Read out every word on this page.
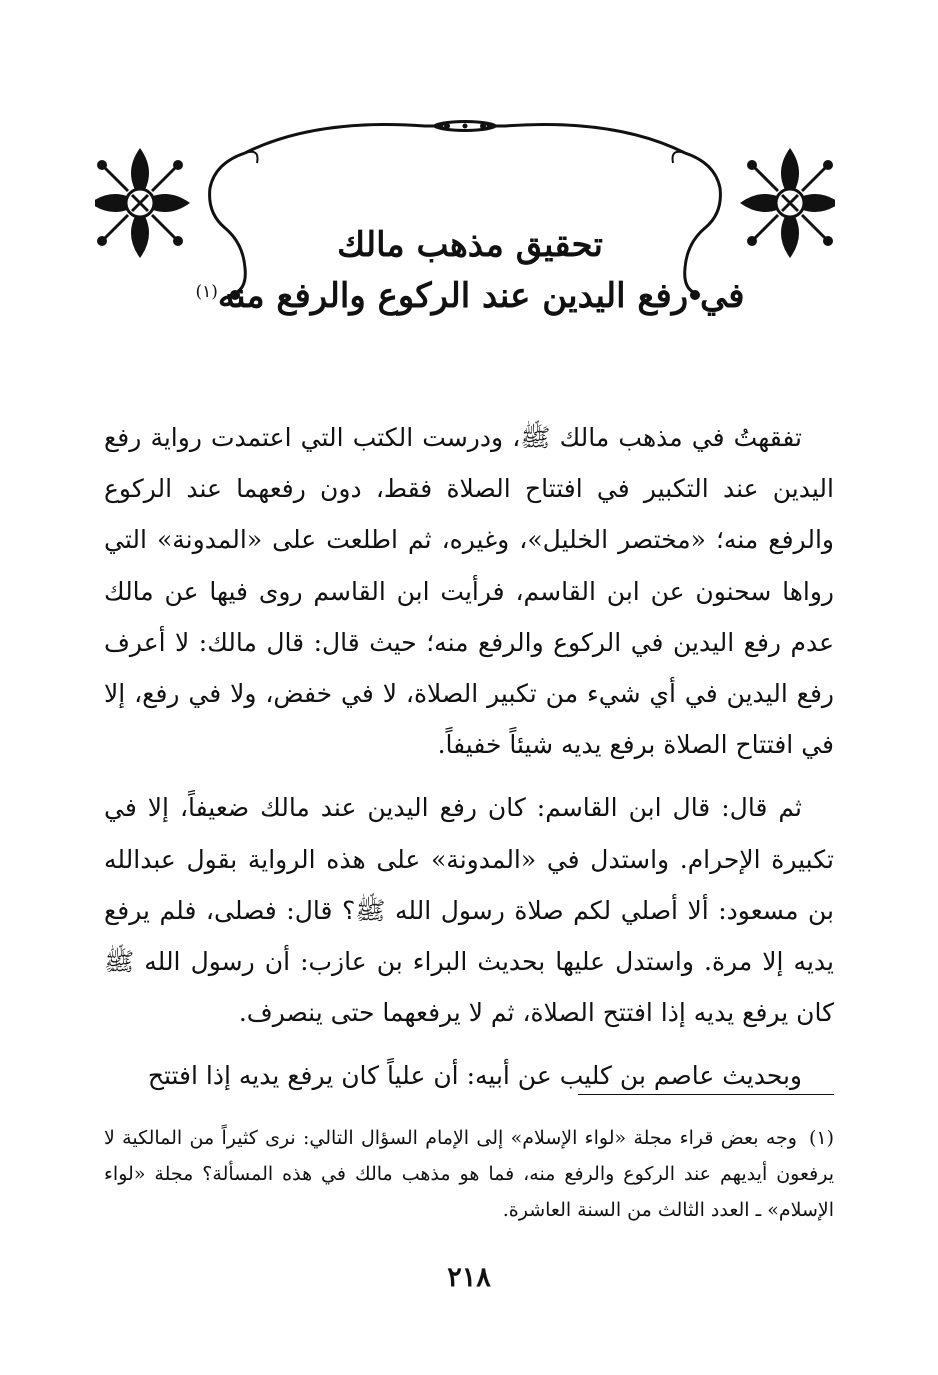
تحقيق مذهب مالك
في رفع اليدين عند الركوع والرفع منه$^{(١)}$

تفقهتُ في مذهب مالك ﷺ، ودرست الكتب التي اعتمدت رواية رفع اليدين عند التكبير في افتتاح الصلاة فقط، دون رفعهما عند الركوع والرفع منه؛ «مختصر الخليل»، وغيره، ثم اطلعت على «المدونة» التي رواها سحنون عن ابن القاسم، فرأيت ابن القاسم روى فيها عن مالك عدم رفع اليدين في الركوع والرفع منه؛ حيث قال: قال مالك: لا أعرف رفع اليدين في أي شيء من تكبير الصلاة، لا في خفض، ولا في رفع، إلا في افتتاح الصلاة برفع يديه شيئاً خفيفاً.

ثم قال: قال ابن القاسم: كان رفع اليدين عند مالك ضعيفاً، إلا في تكبيرة الإحرام. واستدل في «المدونة» على هذه الرواية بقول عبدالله بن مسعود: ألا أصلي لكم صلاة رسول الله ﷺ؟ قال: فصلى، فلم يرفع يديه إلا مرة. واستدل عليها بحديث البراء بن عازب: أن رسول الله ﷺ كان يرفع يديه إذا افتتح الصلاة، ثم لا يرفعهما حتى ينصرف.

وبحديث عاصم بن كليب عن أبيه: أن علياً كان يرفع يديه إذا افتتح

(١)وجه بعض قراء مجلة «لواء الإسلام» إلى الإمام السؤال التالي: نرى كثيراً من المالكية لا يرفعون أيديهم عند الركوع والرفع منه، فما هو مذهب مالك في هذه المسألة؟ مجلة «لواء الإسلام» ـ العدد الثالث من السنة العاشرة.
٢١٨
